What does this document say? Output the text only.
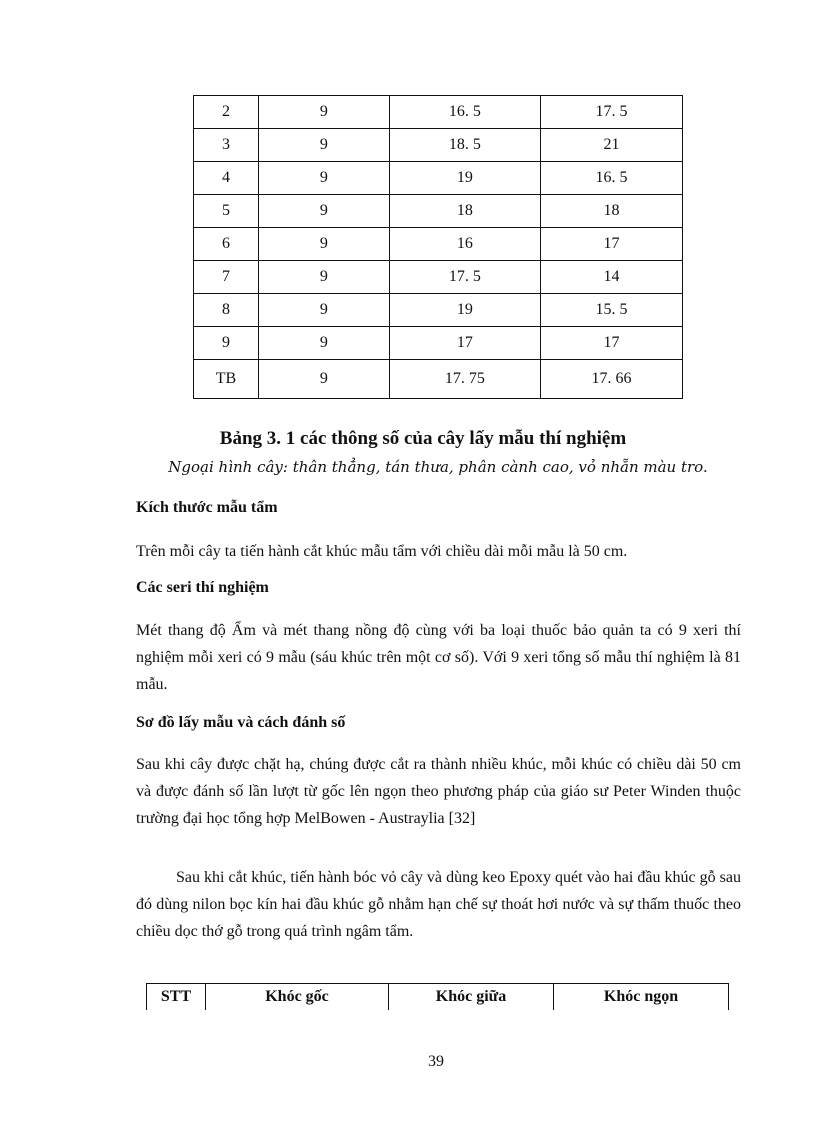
2	9	16. 5	17. 5
3	9	18. 5	21
4	9	19	16. 5
5	9	18	18
6	9	16	17
7	9	17. 5	14
8	9	19	15. 5
9	9	17	17
TB	9	17. 75	17. 66
Bảng 3. 1 các thông số của cây lấy mẫu thí nghiệm
Ngoại hình cây: thân thẳng, tán thưa, phân cành cao, vỏ nhẵn màu tro.
Kích thước mẫu tẩm
Trên mỗi cây ta tiến hành cắt khúc mẫu tẩm với chiều dài mỗi mẫu là 50 cm.
Các seri thí nghiệm
Mét thang độ Ẩm và mét thang nồng độ cùng với ba loại thuốc bảo quản ta có 9 xeri thí nghiệm mỗi xeri có 9 mẫu (sáu khúc trên một cơ số). Với 9 xeri tổng số mẫu thí nghiệm là 81 mẫu.
Sơ đồ lấy mẫu và cách đánh số
Sau khi cây được chặt hạ, chúng được cắt ra thành nhiều khúc, mỗi khúc có chiều dài 50 cm và được đánh số lần lượt từ gốc lên ngọn theo phương pháp của giáo sư Peter Winden thuộc trường đại học tổng hợp MelBowen - Austraylia [32]
Sau khi cắt khúc, tiến hành bóc vỏ cây và dùng keo Epoxy quét vào hai đầu khúc gỗ sau đó dùng nilon bọc kín hai đầu khúc gỗ nhằm hạn chế sự thoát hơi nước và sự thấm thuốc theo chiều dọc thớ gỗ trong quá trình ngâm tẩm.
STT	Khóc gốc	Khóc giữa	Khóc ngọn
39
